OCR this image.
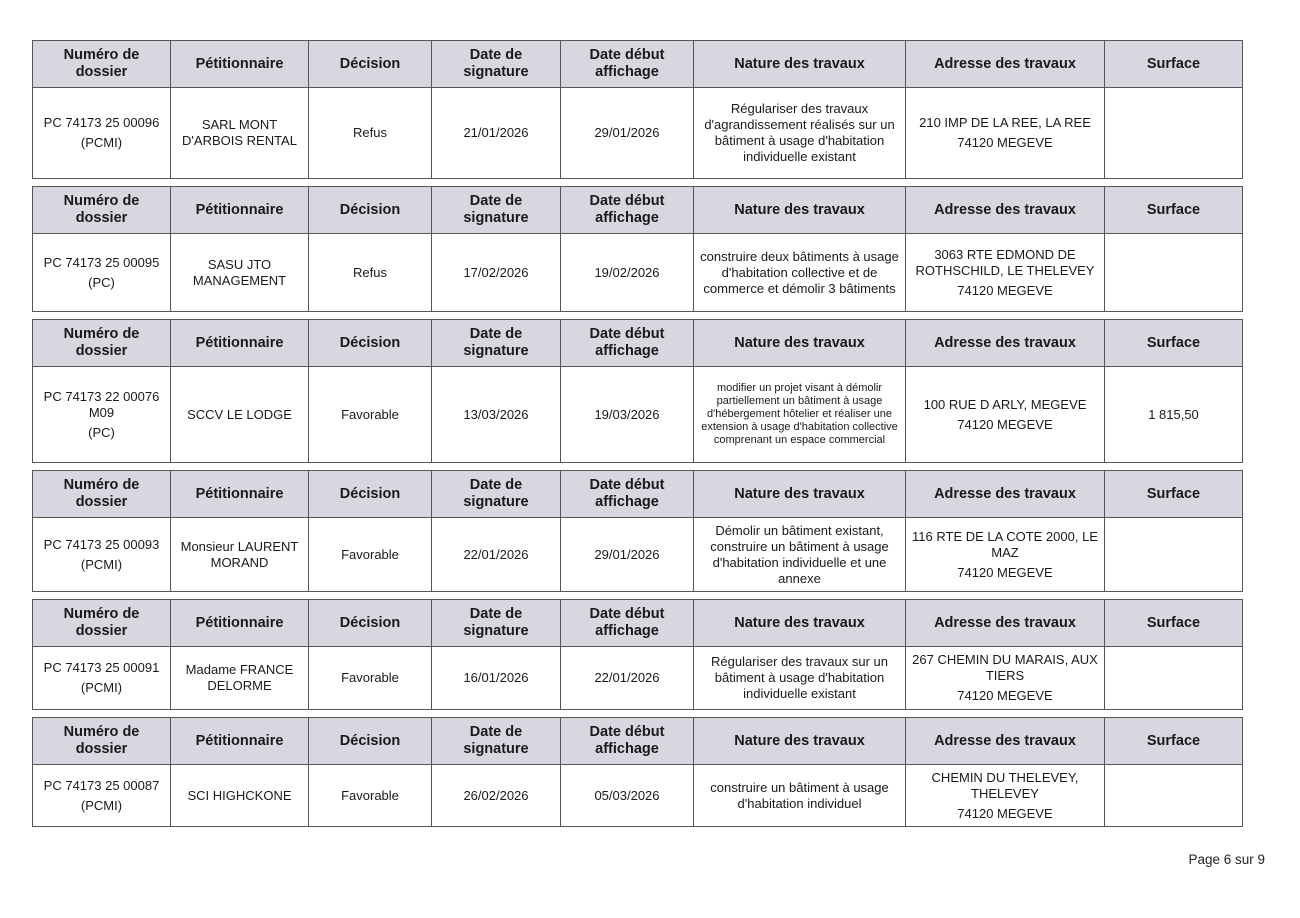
Numéro de dossier	Pétitionnaire	Décision	Date de signature	Date début affichage	Nature des travaux	Adresse des travaux	Surface

PC 74173 25 00096
(PCMI)	SARL MONT D'ARBOIS RENTAL	Refus	21/01/2026	29/01/2026	Régulariser des travaux d'agrandissement réalisés sur un bâtiment à usage d'habitation individuelle existant	210 IMP DE LA REE, LA REE
74120 MEGEVE	

Numéro de dossier	Pétitionnaire	Décision	Date de signature	Date début affichage	Nature des travaux	Adresse des travaux	Surface

PC 74173 25 00095
(PC)	SASU JTO MANAGEMENT	Refus	17/02/2026	19/02/2026	construire deux bâtiments à usage d'habitation collective et de commerce et démolir 3 bâtiments	3063 RTE EDMOND DE ROTHSCHILD, LE THELEVEY
74120 MEGEVE	

Numéro de dossier	Pétitionnaire	Décision	Date de signature	Date début affichage	Nature des travaux	Adresse des travaux	Surface

PC 74173 22 00076 M09
(PC)	SCCV LE LODGE	Favorable	13/03/2026	19/03/2026	modifier un projet visant à démolir partiellement un bâtiment à usage d'hébergement hôtelier et réaliser une extension à usage d'habitation collective comprenant un espace commercial	100 RUE D ARLY, MEGEVE
74120 MEGEVE	1 815,50
Numéro de dossier	Pétitionnaire	Décision	Date de signature	Date début affichage	Nature des travaux	Adresse des travaux	Surface

PC 74173 25 00093
(PCMI)	Monsieur LAURENT MORAND	Favorable	22/01/2026	29/01/2026	Démolir un bâtiment existant, construire un bâtiment à usage d'habitation individuelle et une annexe	116 RTE DE LA COTE 2000, LE MAZ
74120 MEGEVE	

Numéro de dossier	Pétitionnaire	Décision	Date de signature	Date début affichage	Nature des travaux	Adresse des travaux	Surface

PC 74173 25 00091
(PCMI)	Madame FRANCE DELORME	Favorable	16/01/2026	22/01/2026	Régulariser des travaux sur un bâtiment à usage d'habitation individuelle existant	267 CHEMIN DU MARAIS, AUX TIERS
74120 MEGEVE	

Numéro de dossier	Pétitionnaire	Décision	Date de signature	Date début affichage	Nature des travaux	Adresse des travaux	Surface

PC 74173 25 00087
(PCMI)	SCI HIGHCKONE	Favorable	26/02/2026	05/03/2026	construire un bâtiment à usage d'habitation individuel	CHEMIN DU THELEVEY, THELEVEY
74120 MEGEVE	

Page 6 sur 9
